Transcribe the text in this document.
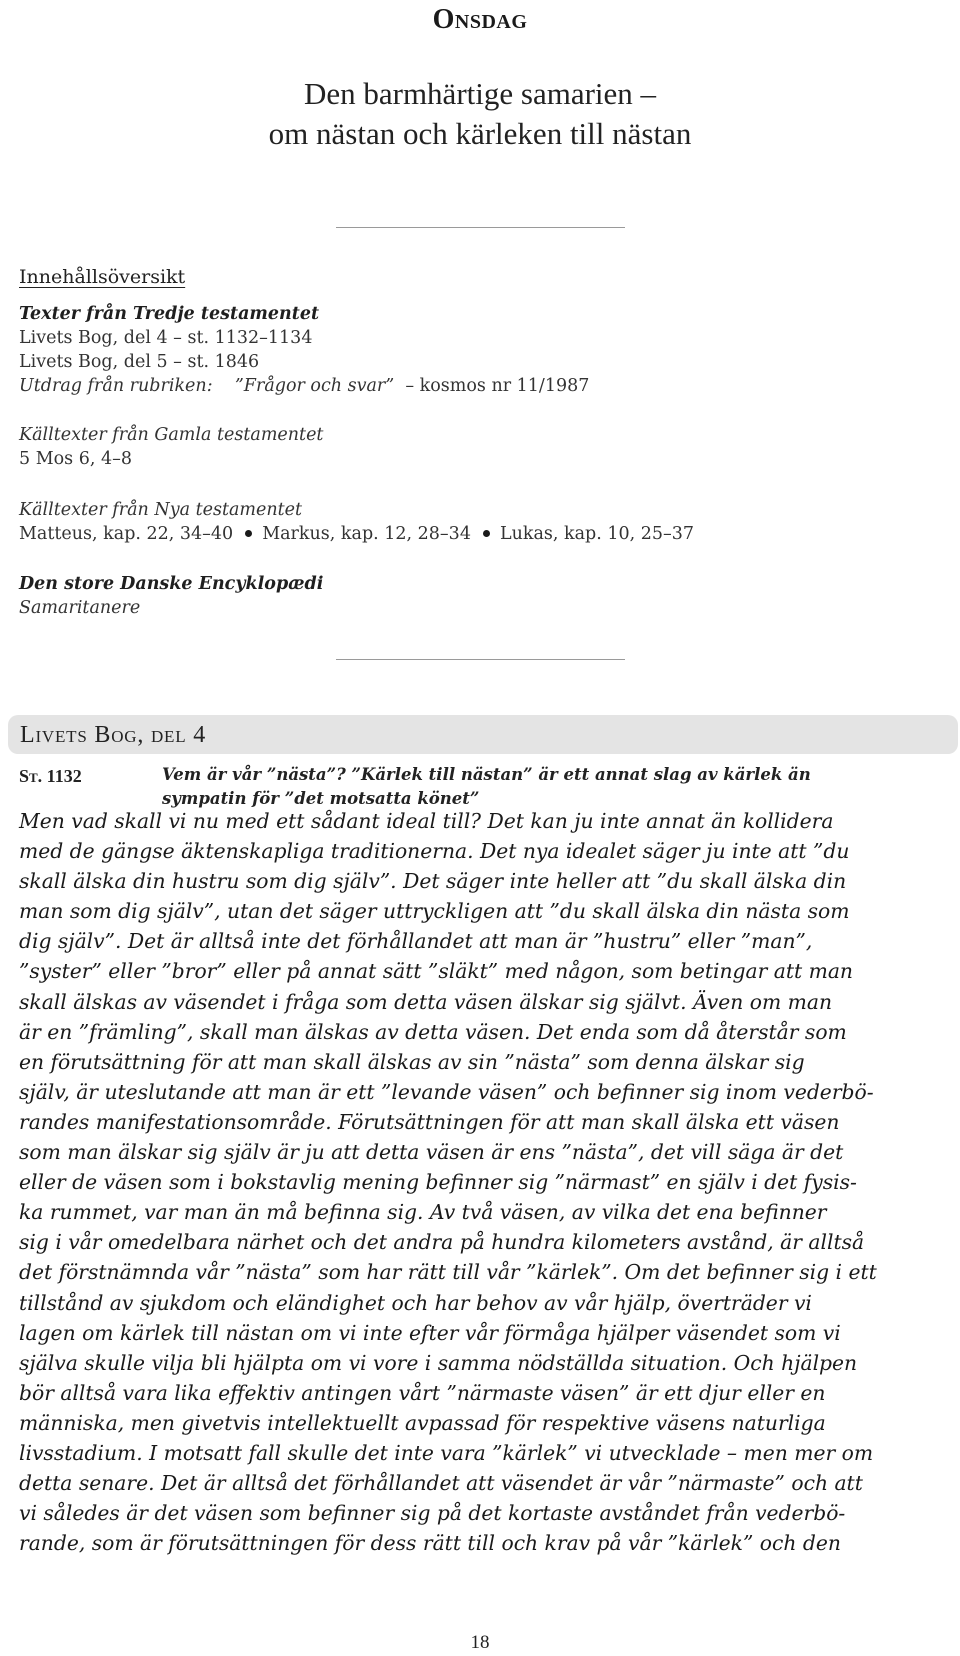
Onsdag
Den barmhärtige samarien –
om nästan och kärleken till nästan
Innehållsöversikt
Texter från Tredje testamentet
Livets Bog, del 4 – st. 1132–1134
Livets Bog, del 5 – st. 1846
Utdrag från rubriken: ”Frågor och svar” – kosmos nr 11/1987
Källtexter från Gamla testamentet
5 Mos 6, 4–8
Källtexter från Nya testamentet
Matteus, kap. 22, 34–40 Markus, kap. 12, 28–34 Lukas, kap. 10, 25–37
Den store Danske Encyklopædi
Samaritanere
Livets Bog, del 4
St. 1132	Vem är vår ”nästa”? ”Kärlek till nästan” är ett annat slag av kärlek än
sympatin för ”det motsatta könet”
Men vad skall vi nu med ett sådant ideal till? Det kan ju inte annat än kollidera
med de gängse äktenskapliga traditionerna. Det nya idealet säger ju inte att ”du
skall älska din hustru som dig själv”. Det säger inte heller att ”du skall älska din
man som dig själv”, utan det säger uttryckligen att ”du skall älska din nästa som
dig själv”. Det är alltså inte det förhållandet att man är ”hustru” eller ”man”,
”syster” eller ”bror” eller på annat sätt ”släkt” med någon, som betingar att man
skall älskas av väsendet i fråga som detta väsen älskar sig självt. Även om man
är en ”främling”, skall man älskas av detta väsen. Det enda som då återstår som
en förutsättning för att man skall älskas av sin ”nästa” som denna älskar sig
själv, är uteslutande att man är ett ”levande väsen” och befinner sig inom vederbö-
randes manifestationsområde. Förutsättningen för att man skall älska ett väsen
som man älskar sig själv är ju att detta väsen är ens ”nästa”, det vill säga är det
eller de väsen som i bokstavlig mening befinner sig ”närmast” en själv i det fysis-
ka rummet, var man än må befinna sig. Av två väsen, av vilka det ena befinner
sig i vår omedelbara närhet och det andra på hundra kilometers avstånd, är alltså
det förstnämnda vår ”nästa” som har rätt till vår ”kärlek”. Om det befinner sig i ett
tillstånd av sjukdom och eländighet och har behov av vår hjälp, överträder vi
lagen om kärlek till nästan om vi inte efter vår förmåga hjälper väsendet som vi
själva skulle vilja bli hjälpta om vi vore i samma nödställda situation. Och hjälpen
bör alltså vara lika effektiv antingen vårt ”närmaste väsen” är ett djur eller en
människa, men givetvis intellektuellt avpassad för respektive väsens naturliga
livsstadium. I motsatt fall skulle det inte vara ”kärlek” vi utvecklade – men mer om
detta senare. Det är alltså det förhållandet att väsendet är vår ”närmaste” och att
vi således är det väsen som befinner sig på det kortaste avståndet från vederbö-
rande, som är förutsättningen för dess rätt till och krav på vår ”kärlek” och den
18
